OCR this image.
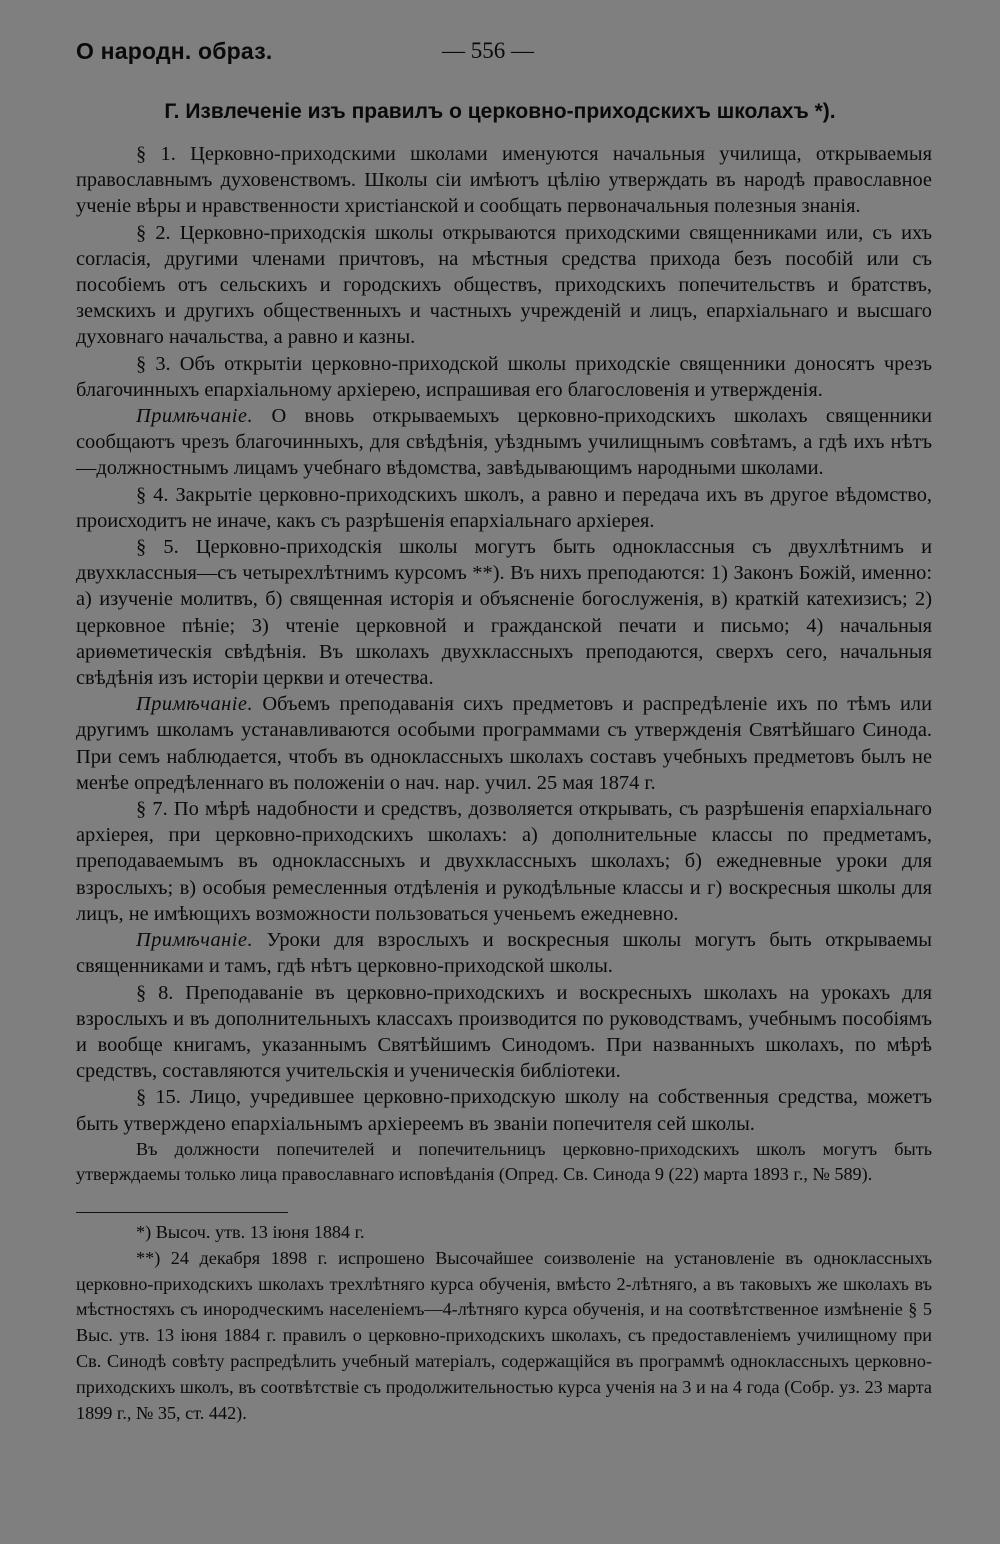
О народн. образ.	— 556 —
Г. Извлеченіе изъ правилъ о церковно-приходскихъ школахъ *).

§ 1. Церковно-приходскими школами именуются начальныя училища, открываемыя православнымъ духовенствомъ. Школы сіи имѣютъ цѣлію утверждать въ народѣ православное ученіе вѣры и нравственности христіанской и сообщать первоначальныя полезныя знанія.

§ 2. Церковно-приходскія школы открываются приходскими священниками или, съ ихъ согласія, другими членами причтовъ, на мѣстныя средства прихода безъ пособій или съ пособіемъ отъ сельскихъ и городскихъ обществъ, приходскихъ попечительствъ и братствъ, земскихъ и другихъ общественныхъ и частныхъ учрежденій и лицъ, епархіальнаго и высшаго духовнаго начальства, а равно и казны.

§ 3. Объ открытіи церковно-приходской школы приходскіе священники доносятъ чрезъ благочинныхъ епархіальному архіерею, испрашивая его благословенія и утвержденія.

Примѣчаніе. О вновь открываемыхъ церковно-приходскихъ школахъ священники сообщаютъ чрезъ благочинныхъ, для свѣдѣнія, уѣзднымъ училищнымъ совѣтамъ, а гдѣ ихъ нѣтъ—должностнымъ лицамъ учебнаго вѣдомства, завѣдывающимъ народными школами.

§ 4. Закрытіе церковно-приходскихъ школъ, а равно и передача ихъ въ другое вѣдомство, происходитъ не иначе, какъ съ разрѣшенія епархіальнаго архіерея.

§ 5. Церковно-приходскія школы могутъ быть одноклассныя съ двухлѣтнимъ и двухклассныя—съ четырехлѣтнимъ курсомъ **). Въ нихъ преподаются: 1) Законъ Божій, именно: а) изученіе молитвъ, б) священная исторія и объясненіе богослуженія, в) краткій катехизисъ; 2) церковное пѣніе; 3) чтеніе церковной и гражданской печати и письмо; 4) начальныя ариѳметическія свѣдѣнія. Въ школахъ двухклассныхъ преподаются, сверхъ сего, начальныя свѣдѣнія изъ исторіи церкви и отечества.

Примѣчаніе. Объемъ преподаванія сихъ предметовъ и распредѣленіе ихъ по тѣмъ или другимъ школамъ устанавливаются особыми программами съ утвержденія Святѣйшаго Синода. При семъ наблюдается, чтобъ въ одноклассныхъ школахъ составъ учебныхъ предметовъ былъ не менѣе опредѣленнаго въ положеніи о нач. нар. учил. 25 мая 1874 г.

§ 7. По мѣрѣ надобности и средствъ, дозволяется открывать, съ разрѣшенія епархіальнаго архіерея, при церковно-приходскихъ школахъ: а) дополнительные классы по предметамъ, преподаваемымъ въ одноклассныхъ и двухклассныхъ школахъ; б) ежедневные уроки для взрослыхъ; в) особыя ремесленныя отдѣленія и рукодѣльные классы и г) воскресныя школы для лицъ, не имѣющихъ возможности пользоваться ученьемъ ежедневно.

Примѣчаніе. Уроки для взрослыхъ и воскресныя школы могутъ быть открываемы священниками и тамъ, гдѣ нѣтъ церковно-приходской школы.

§ 8. Преподаваніе въ церковно-приходскихъ и воскресныхъ школахъ на урокахъ для взрослыхъ и въ дополнительныхъ классахъ производится по руководствамъ, учебнымъ пособіямъ и вообще книгамъ, указаннымъ Святѣйшимъ Синодомъ. При названныхъ школахъ, по мѣрѣ средствъ, составляются учительскія и ученическія библіотеки.

§ 15. Лицо, учредившее церковно-приходскую школу на собственныя средства, можетъ быть утверждено епархіальнымъ архіереемъ въ званіи попечителя сей школы.

Въ должности попечителей и попечительницъ церковно-приходскихъ школъ могутъ быть утверждаемы только лица православнаго исповѣданія (Опред. Св. Синода 9 (22) марта 1893 г., № 589).

*) Высоч. утв. 13 іюня 1884 г.

**) 24 декабря 1898 г. испрошено Высочайшее соизволеніе на установленіе въ одноклассныхъ церковно-приходскихъ школахъ трехлѣтняго курса обученія, вмѣсто 2-лѣтняго, а въ таковыхъ же школахъ въ мѣстностяхъ съ инородческимъ населеніемъ—4-лѣтняго курса обученія, и на соотвѣтственное измѣненіе § 5 Выс. утв. 13 іюня 1884 г. правилъ о церковно-приходскихъ школахъ, съ предоставленіемъ училищному при Св. Синодѣ совѣту распредѣлить учебный матеріалъ, содержащійся въ программѣ одноклассныхъ церковно-приходскихъ школъ, въ соотвѣтствіе съ продолжительностью курса ученія на 3 и на 4 года (Собр. уз. 23 марта 1899 г., № 35, ст. 442).
